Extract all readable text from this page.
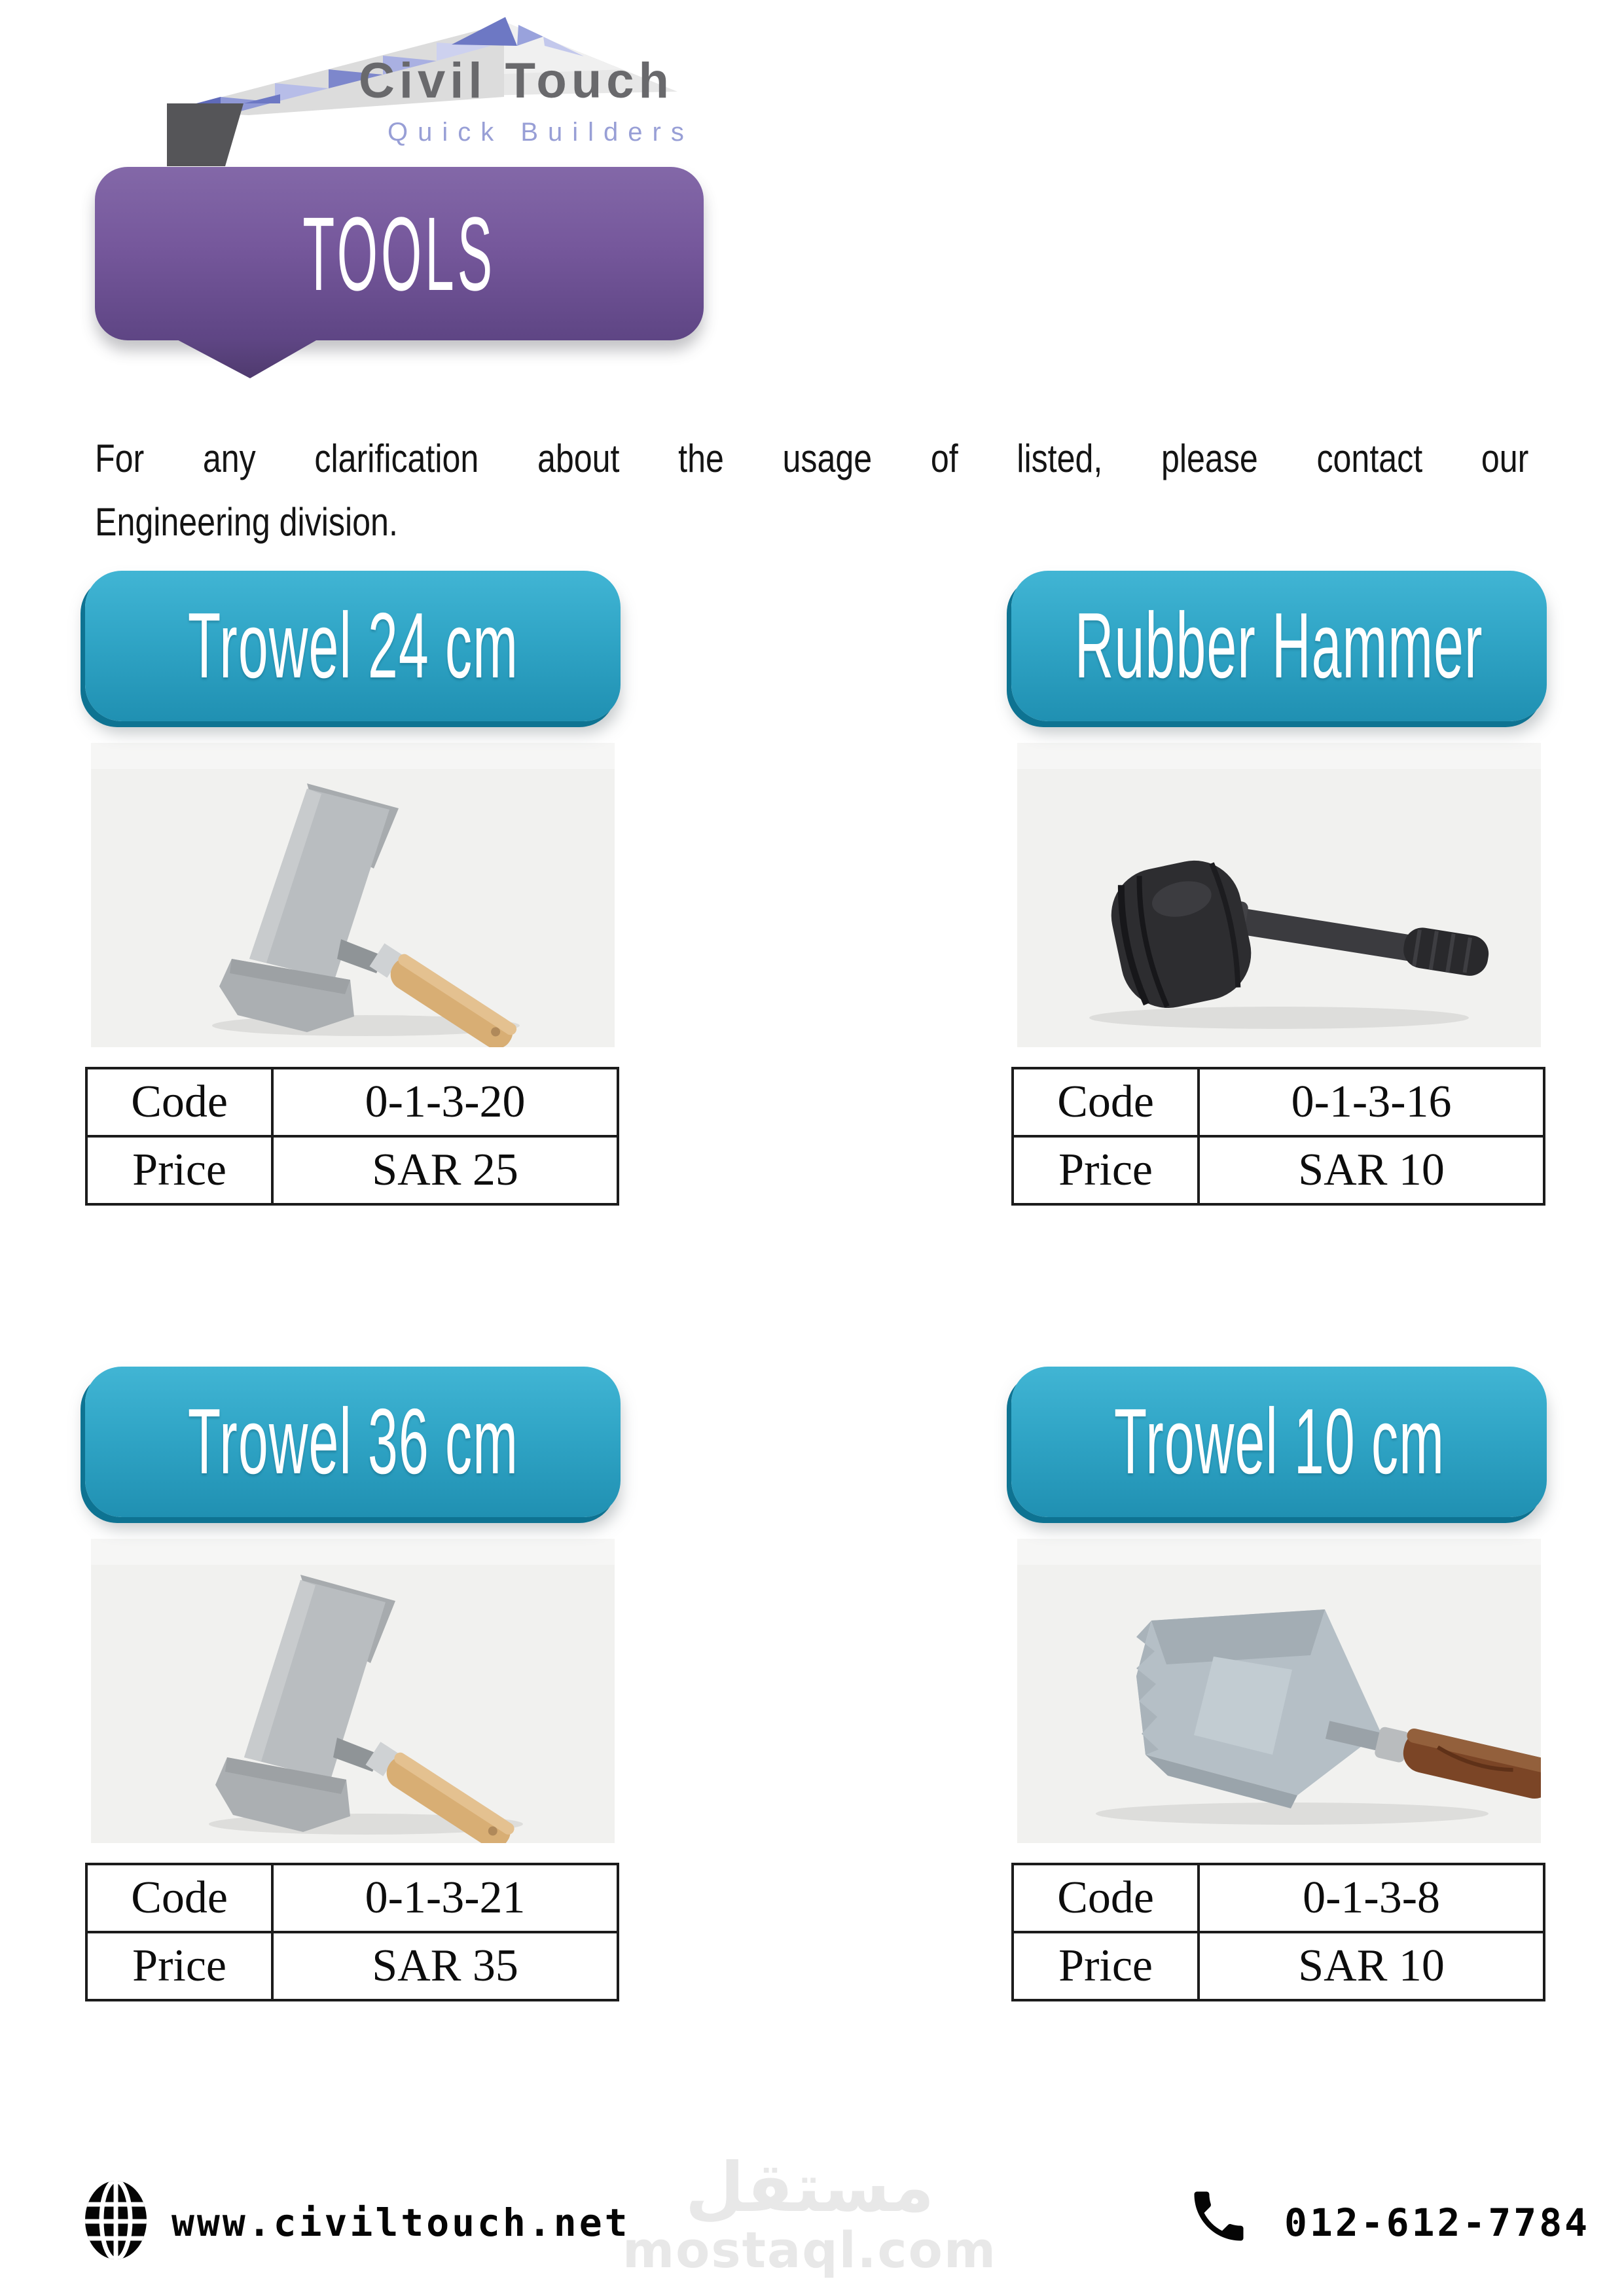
Civil Touch
Quick Builders
TOOLS

For any clarification about the usage of listed, please contact our
Engineering division.

Trowel 24 cm
Code	0-1-3-20
Price	SAR 25
Rubber Hammer
Code	0-1-3-16
Price	SAR 10
Trowel 36 cm
Code	0-1-3-21
Price	SAR 35
Trowel 10 cm
Code	0-1-3-8
Price	SAR 10
مستقل
mostaql.com
www.civiltouch.net	012-612-7784
